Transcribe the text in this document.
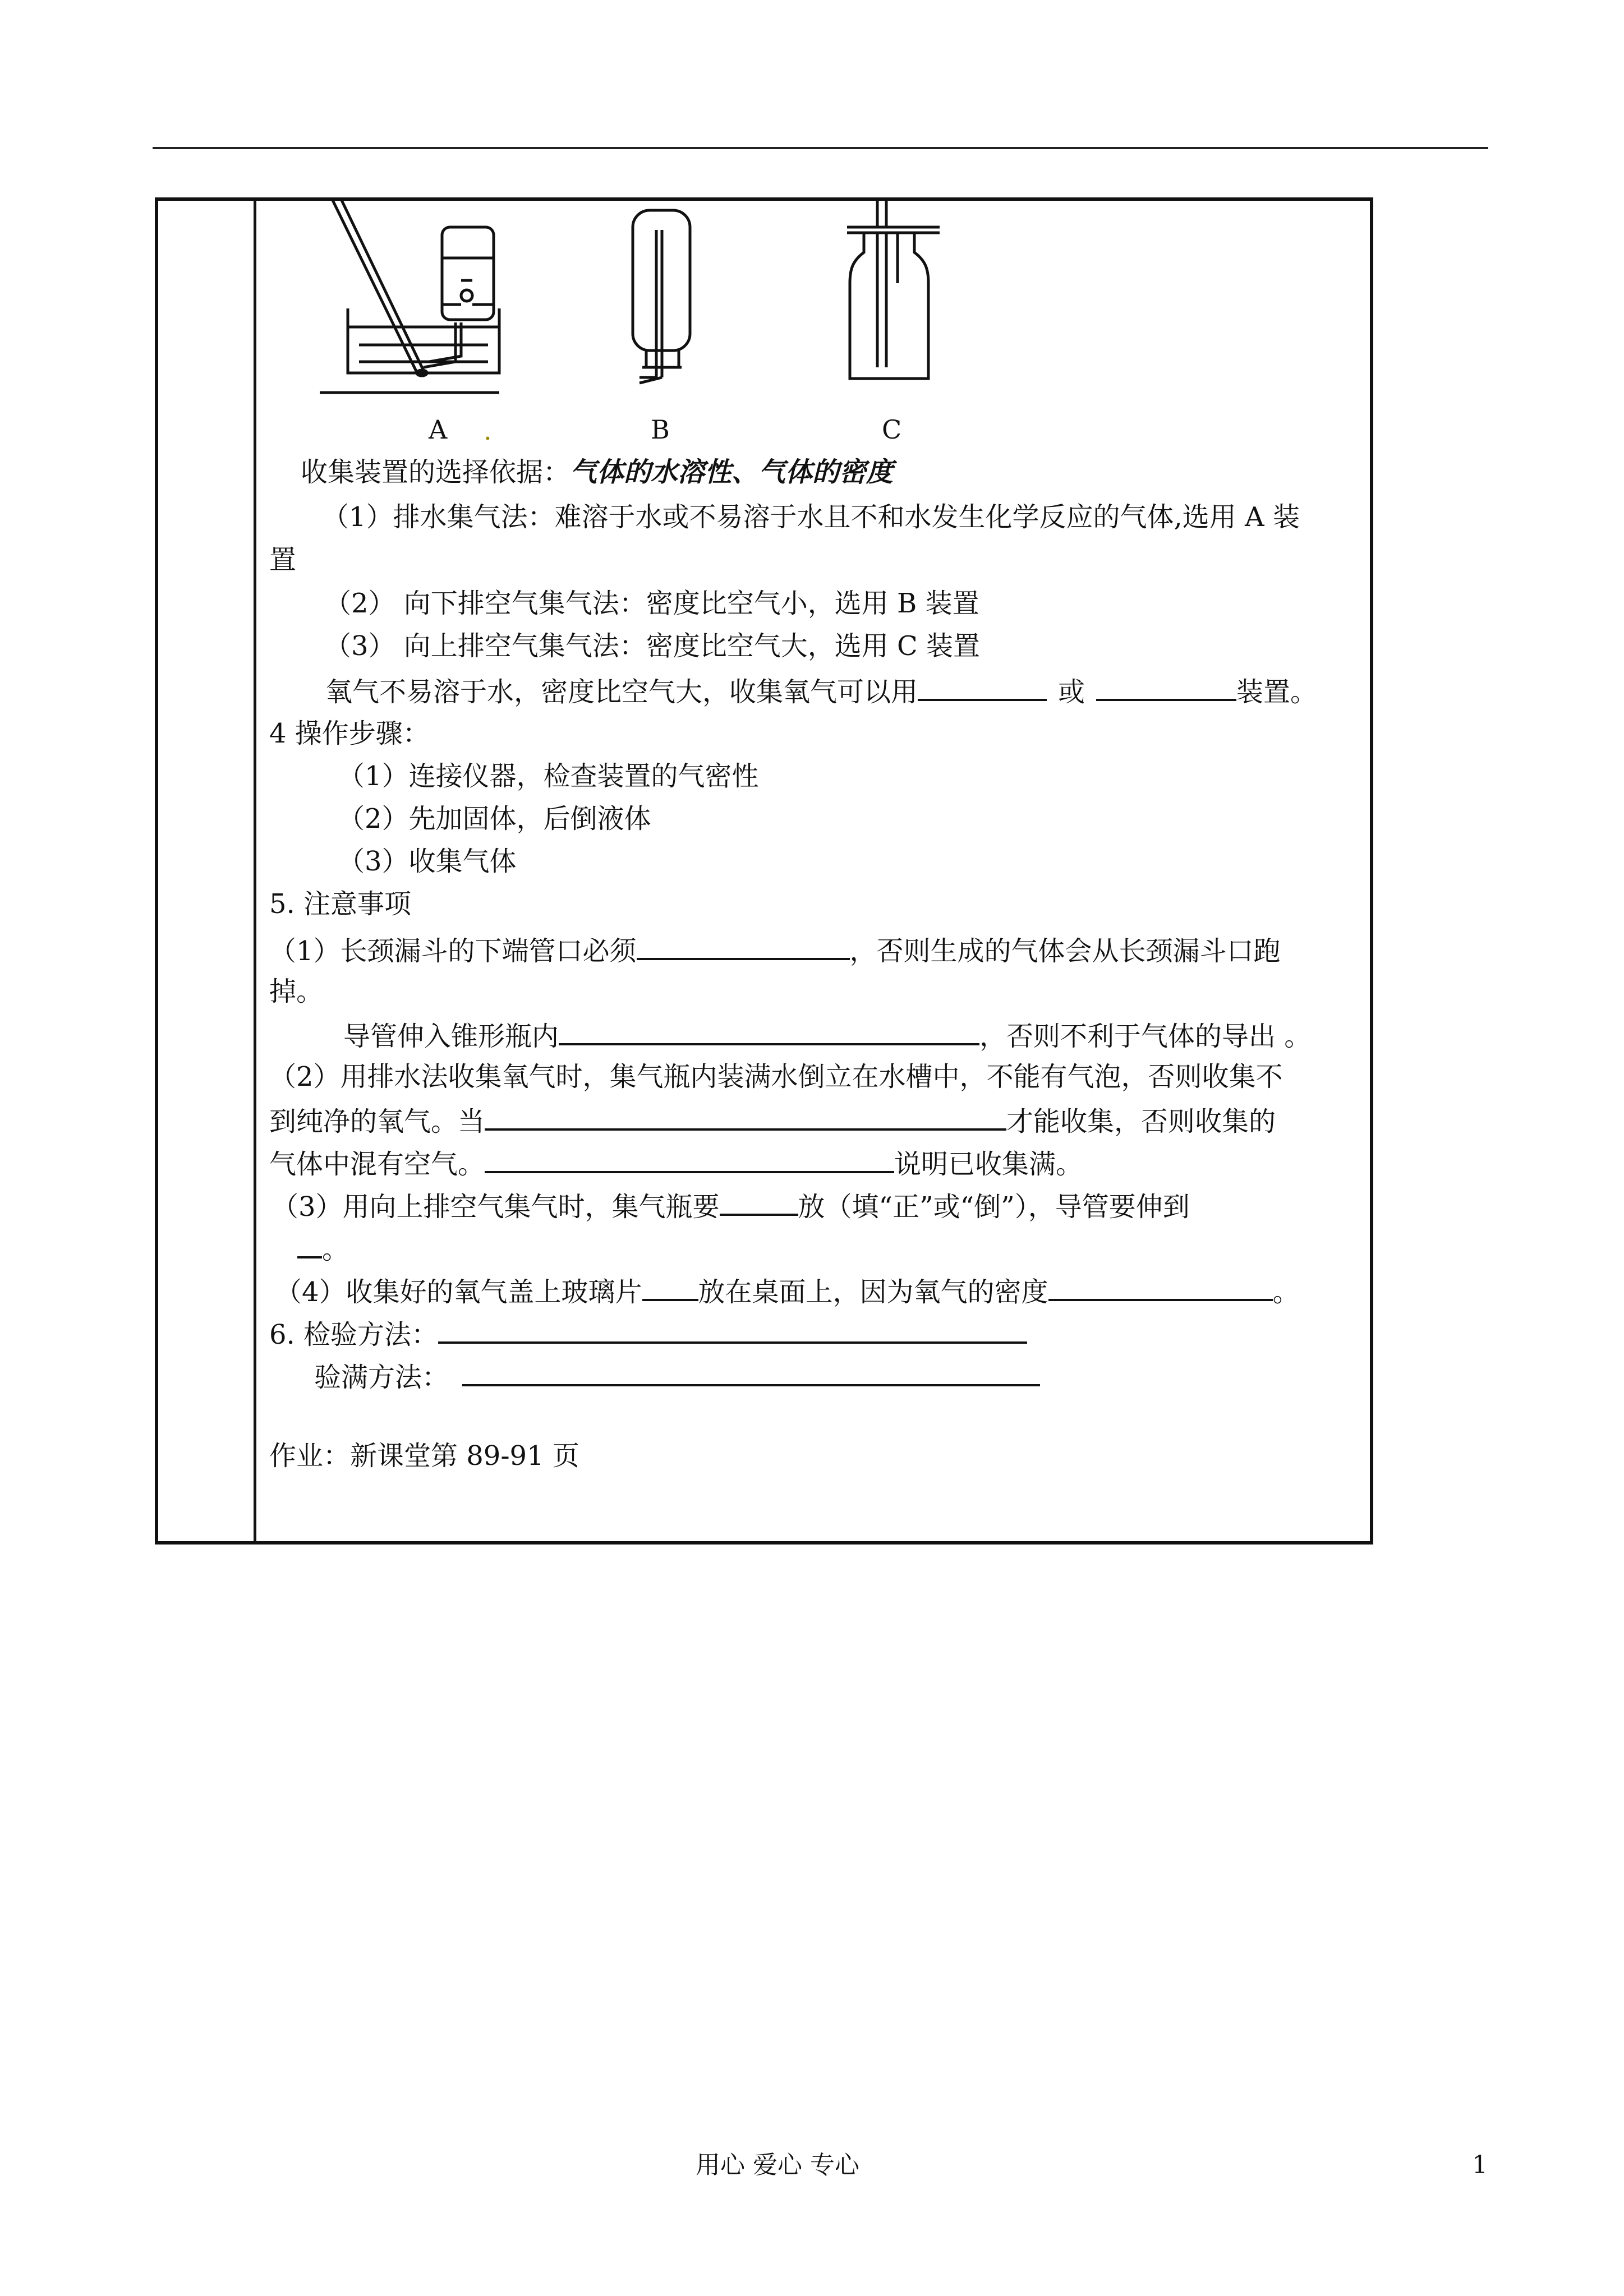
A .	B	C
收集装置的选择依据：气体的水溶性、气体的密度
（1）排水集气法：难溶于水或不易溶于水且不和水发生化学反应的气体,选用 A 装
置
（2） 向下排空气集气法：密度比空气小，选用 B 装置
（3） 向上排空气集气法：密度比空气大，选用 C 装置
氧气不易溶于水，密度比空气大，收集氧气可以用	或	装置。
4 操作步骤：
（1）连接仪器，检查装置的气密性
（2）先加固体，后倒液体
（3）收集气体
5. 注意事项
（1）长颈漏斗的下端管口必须	，否则生成的气体会从长颈漏斗口跑
掉。
导管伸入锥形瓶内	，否则不利于气体的导出 。
（2）用排水法收集氧气时，集气瓶内装满水倒立在水槽中，不能有气泡，否则收集不
到纯净的氧气。当	才能收集，否则收集的
气体中混有空气。	说明已收集满。
（3）用向上排空气集气时，集气瓶要	放（填“正”或“倒”），导管要伸到
。
（4）收集好的氧气盖上玻璃片 放在桌面上，因为氧气的密度	。
6. 检验方法：
验满方法：
作业：新课堂第 89-91 页
用心 爱心 专心	1
